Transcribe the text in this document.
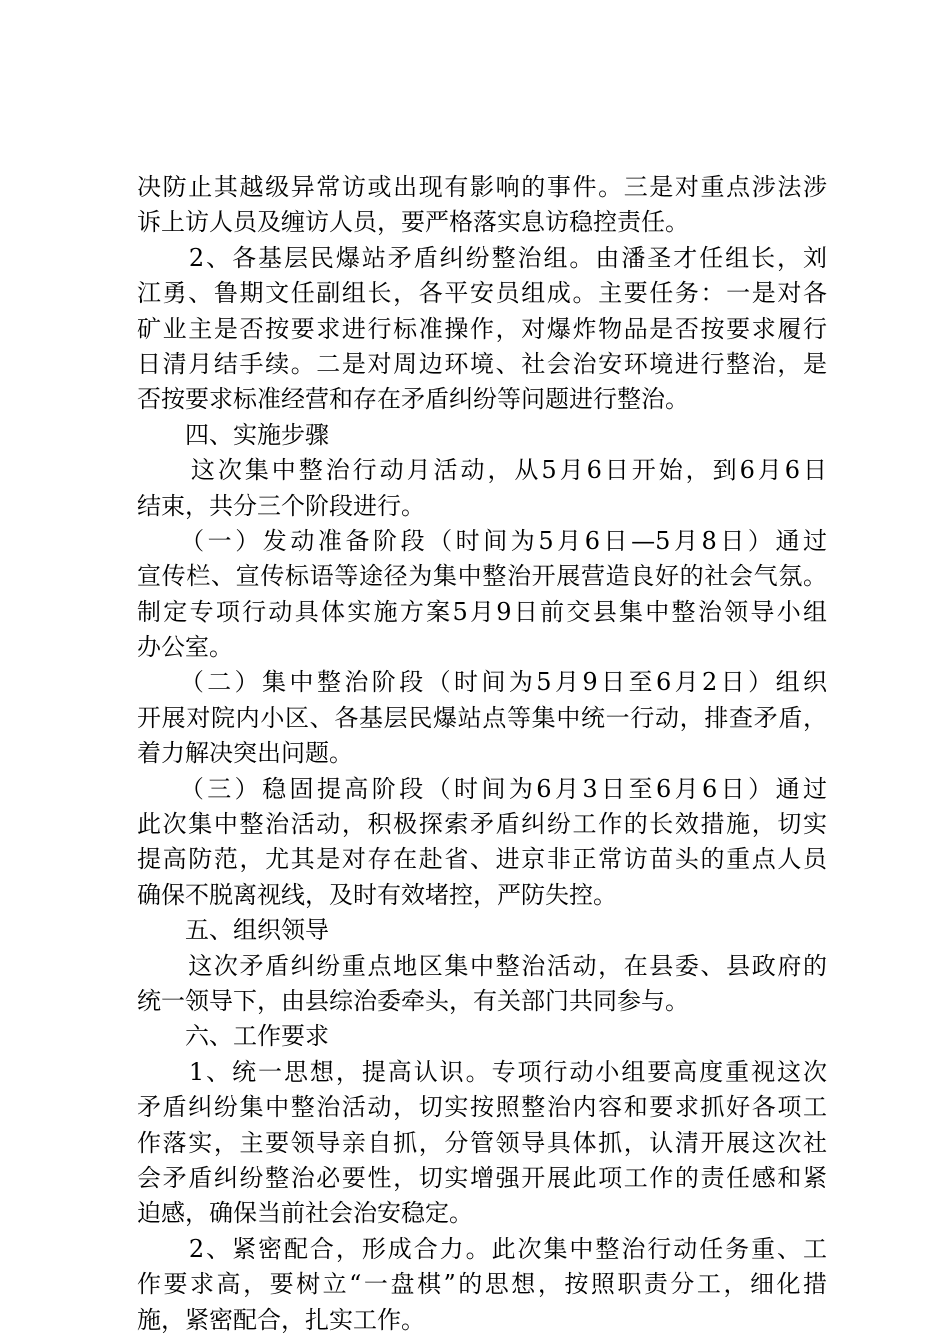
决防止其越级异常访或出现有影响的事件。三是对重点涉法涉
诉上访人员及缠访人员，要严格落实息访稳控责任。
　　2、各基层民爆站矛盾纠纷整治组。由潘圣才任组长，刘
江勇、鲁期文任副组长，各平安员组成。主要任务：一是对各
矿业主是否按要求进行标准操作，对爆炸物品是否按要求履行
日清月结手续。二是对周边环境、社会治安环境进行整治，是
否按要求标准经营和存在矛盾纠纷等问题进行整治。
　　四、实施步骤
　　这次集中整治行动月活动，从5月6日开始，到6月6日
结束，共分三个阶段进行。
　　（一）发动准备阶段（时间为5月6日—5月8日）通过
宣传栏、宣传标语等途径为集中整治开展营造良好的社会气氛。
制定专项行动具体实施方案5月9日前交县集中整治领导小组
办公室。
　　（二）集中整治阶段（时间为5月9日至6月2日）组织
开展对院内小区、各基层民爆站点等集中统一行动，排查矛盾，
着力解决突出问题。
　　（三）稳固提高阶段（时间为6月3日至6月6日）通过
此次集中整治活动，积极探索矛盾纠纷工作的长效措施，切实
提高防范，尤其是对存在赴省、进京非正常访苗头的重点人员
确保不脱离视线，及时有效堵控，严防失控。
　　五、组织领导
　　这次矛盾纠纷重点地区集中整治活动，在县委、县政府的
统一领导下，由县综治委牵头，有关部门共同参与。
　　六、工作要求
　　1、统一思想，提高认识。专项行动小组要高度重视这次
矛盾纠纷集中整治活动，切实按照整治内容和要求抓好各项工
作落实，主要领导亲自抓，分管领导具体抓，认清开展这次社
会矛盾纠纷整治必要性，切实增强开展此项工作的责任感和紧
迫感，确保当前社会治安稳定。
　　2、紧密配合，形成合力。此次集中整治行动任务重、工
作要求高，要树立“一盘棋”的思想，按照职责分工，细化措
施，紧密配合，扎实工作。
